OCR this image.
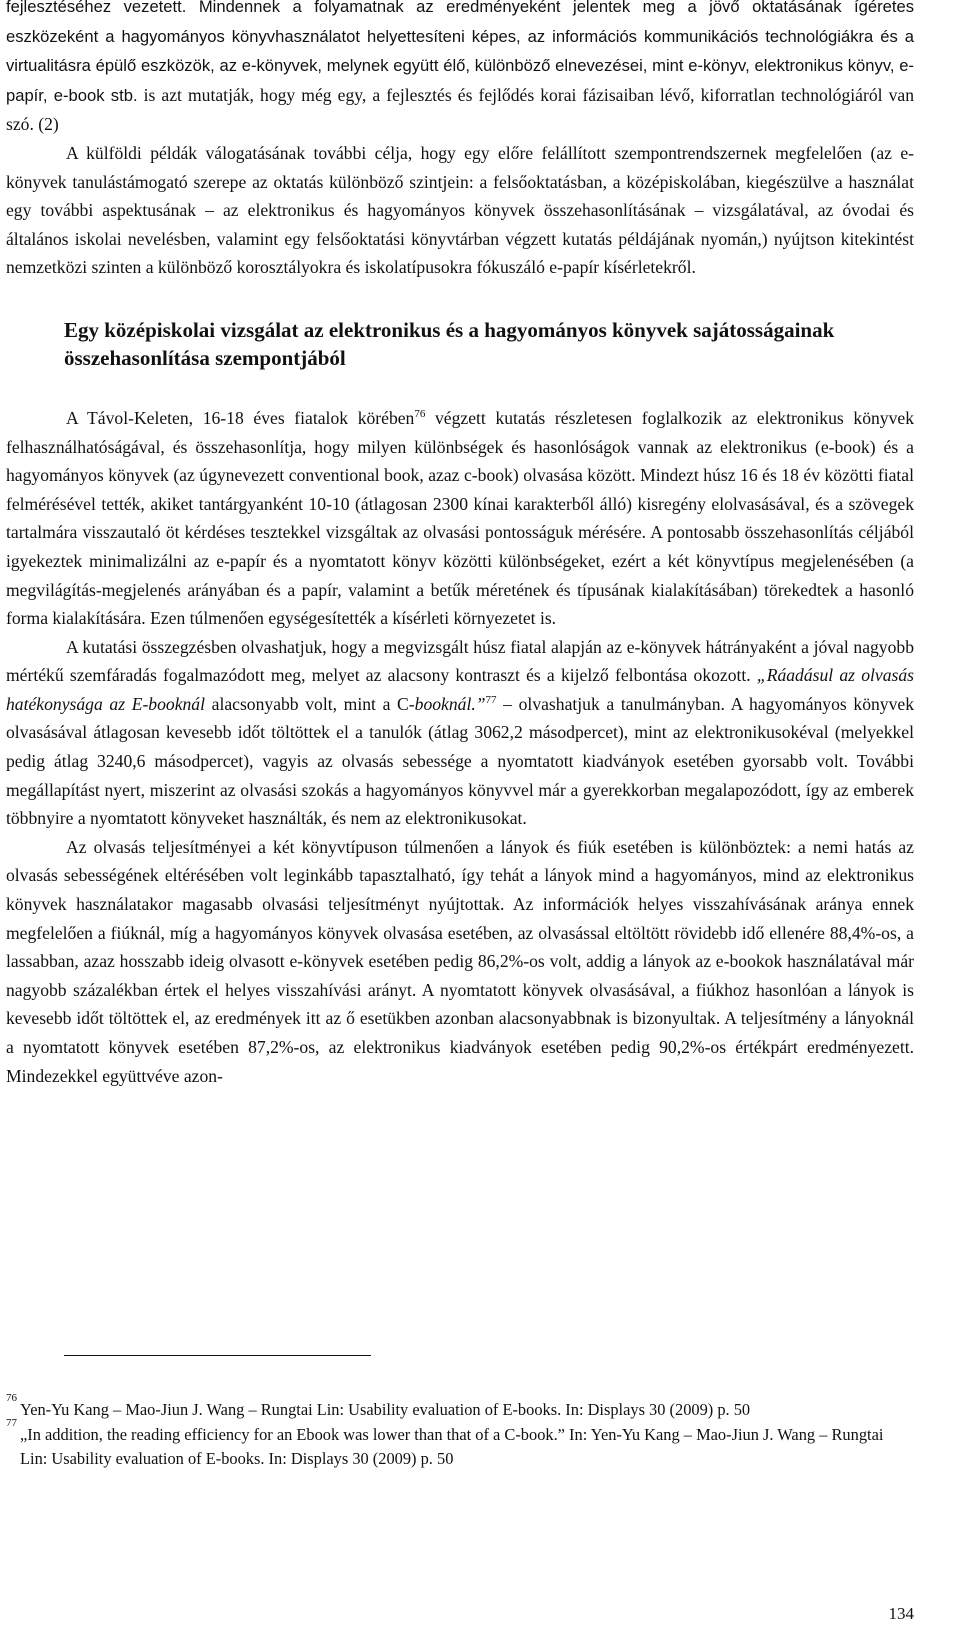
fejlesztéséhez vezetett. Mindennek a folyamatnak az eredményeként jelentek meg a jövő oktatásának ígéretes eszközeként a hagyományos könyvhasználatot helyettesíteni képes, az információs kommunikációs technológiákra és a virtualitásra épülő eszközök, az e-könyvek, melynek együtt élő, különböző elnevezései, mint e-könyv, elektronikus könyv, e-papír, e-book stb. is azt mutatják, hogy még egy, a fejlesztés és fejlődés korai fázisaiban lévő, kiforratlan technológiáról van szó. (2)

A külföldi példák válogatásának további célja, hogy egy előre felállított szempontrendszernek megfelelően (az e-könyvek tanulástámogató szerepe az oktatás különböző szintjein: a felsőoktatásban, a középiskolában, kiegészülve a használat egy további aspektusának – az elektronikus és hagyományos könyvek összehasonlításának – vizsgálatával, az óvodai és általános iskolai nevelésben, valamint egy felsőoktatási könyvtárban végzett kutatás példájának nyomán,) nyújtson kitekintést nemzetközi szinten a különböző korosztályokra és iskolatípusokra fókuszáló e-papír kísérletekről.

Egy középiskolai vizsgálat az elektronikus és a hagyományos könyvek sajátosságainak összehasonlítása szempontjából

A Távol-Keleten, 16-18 éves fiatalok körében$^{76}$ végzett kutatás részletesen foglalkozik az elektronikus könyvek felhasználhatóságával, és összehasonlítja, hogy milyen különbségek és hasonlóságok vannak az elektronikus (e-book) és a hagyományos könyvek (az úgynevezett conventional book, azaz c-book) olvasása között. Mindezt húsz 16 és 18 év közötti fiatal felmérésével tették, akiket tantárgyanként 10-10 (átlagosan 2300 kínai karakterből álló) kisregény elolvasásával, és a szövegek tartalmára visszautaló öt kérdéses tesztekkel vizsgáltak az olvasási pontosságuk mérésére. A pontosabb összehasonlítás céljából igyekeztek minimalizálni az e-papír és a nyomtatott könyv közötti különbségeket, ezért a két könyvtípus megjelenésében (a megvilágítás-megjelenés arányában és a papír, valamint a betűk méretének és típusának kialakításában) törekedtek a hasonló forma kialakítására. Ezen túlmenően egységesítették a kísérleti környezetet is.

A kutatási összegzésben olvashatjuk, hogy a megvizsgált húsz fiatal alapján az e-könyvek hátrányaként a jóval nagyobb mértékű szemfáradás fogalmazódott meg, melyet az alacsony kontraszt és a kijelző felbontása okozott. „Ráadásul az olvasás hatékonysága az E-booknál alacsonyabb volt, mint a C-booknál.”$^{77}$ – olvashatjuk a tanulmányban. A hagyományos könyvek olvasásával átlagosan kevesebb időt töltöttek el a tanulók (átlag 3062,2 másodpercet), mint az elektronikusokéval (melyekkel pedig átlag 3240,6 másodpercet), vagyis az olvasás sebessége a nyomtatott kiadványok esetében gyorsabb volt. További megállapítást nyert, miszerint az olvasási szokás a hagyományos könyvvel már a gyerekkorban megalapozódott, így az emberek többnyire a nyomtatott könyveket használták, és nem az elektronikusokat.

Az olvasás teljesítményei a két könyvtípuson túlmenően a lányok és fiúk esetében is különböztek: a nemi hatás az olvasás sebességének eltérésében volt leginkább tapasztalható, így tehát a lányok mind a hagyományos, mind az elektronikus könyvek használatakor magasabb olvasási teljesítményt nyújtottak. Az információk helyes visszahívásának aránya ennek megfelelően a fiúknál, míg a hagyományos könyvek olvasása esetében, az olvasással eltöltött rövidebb idő ellenére 88,4%-os, a lassabban, azaz hosszabb ideig olvasott e-könyvek esetében pedig 86,2%-os volt, addig a lányok az e-bookok használatával már nagyobb százalékban értek el helyes visszahívási arányt. A nyomtatott könyvek olvasásával, a fiúkhoz hasonlóan a lányok is kevesebb időt töltöttek el, az eredmények itt az ő esetükben azonban alacsonyabbnak is bizonyultak. A teljesítmény a lányoknál a nyomtatott könyvek esetében 87,2%-os, az elektronikus kiadványok esetében pedig 90,2%-os értékpárt eredményezett. Mindezekkel együttvéve azon-

76
Yen-Yu Kang – Mao-Jiun J. Wang – Rungtai Lin: Usability evaluation of E-books. In: Displays 30 (2009) p. 50
77
„In addition, the reading efficiency for an Ebook was lower than that of a C-book.” In: Yen-Yu Kang – Mao-Jiun J. Wang – Rungtai Lin: Usability evaluation of E-books. In: Displays 30 (2009) p. 50
134
